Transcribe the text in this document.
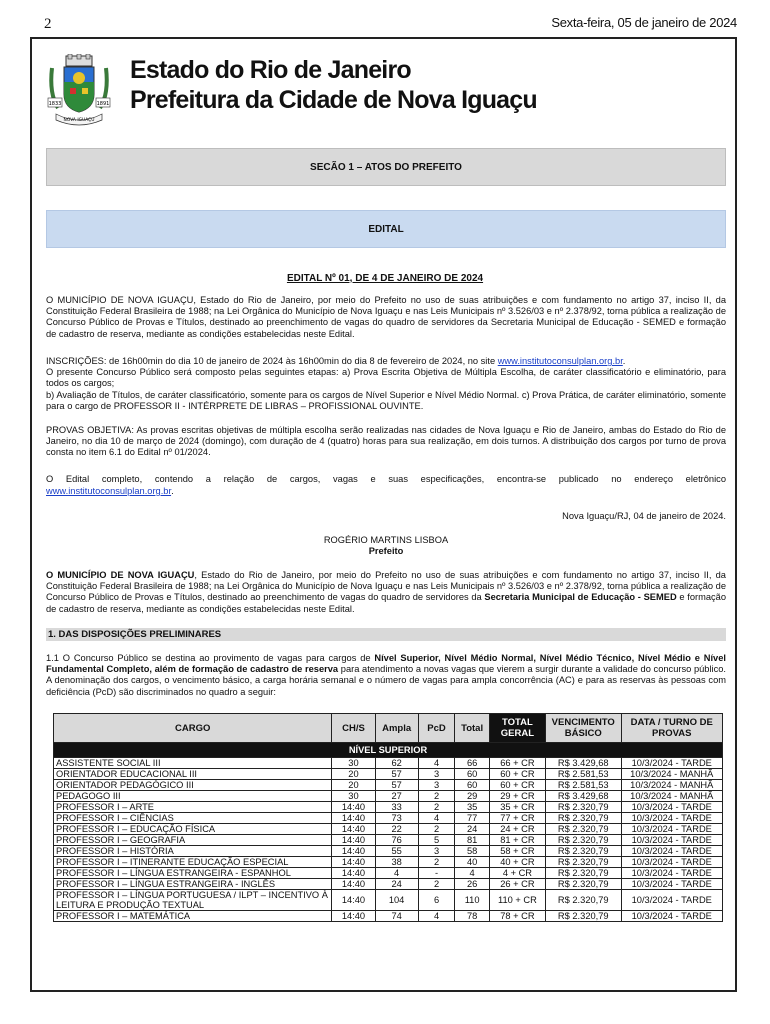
2	Sexta-feira, 05 de janeiro de 2024
1833	1891
NOVA IGUAÇU
Estado do Rio de Janeiro
Prefeitura da Cidade de Nova Iguaçu
SECÃO 1 – ATOS DO PREFEITO
EDITAL
EDITAL Nº 01, DE 4 DE JANEIRO DE 2024
O MUNICÍPIO DE NOVA IGUAÇU, Estado do Rio de Janeiro, por meio do Prefeito no uso de suas atribuições e com fundamento no artigo 37, inciso II, da Constituição Federal Brasileira de 1988; na Lei Orgânica do Município de Nova Iguaçu e nas Leis Municipais nº 3.526/03 e nº 2.378/92, torna pública a realização de Concurso Público de Provas e Títulos, destinado ao preenchimento de vagas do quadro de servidores da Secretaria Municipal de Educação - SEMED e formação de cadastro de reserva, mediante as condições estabelecidas neste Edital.
INSCRIÇÕES: de 16h00min do dia 10 de janeiro de 2024 às 16h00min do dia 8 de fevereiro de 2024, no site www.institutoconsulplan.org.br.
O presente Concurso Público será composto pelas seguintes etapas: a) Prova Escrita Objetiva de Múltipla Escolha, de caráter classificatório e eliminatório, para todos os cargos;
b) Avaliação de Títulos, de caráter classificatório, somente para os cargos de Nível Superior e Nível Médio Normal. c) Prova Prática, de caráter eliminatório, somente para o cargo de PROFESSOR II - INTÉRPRETE DE LIBRAS – PROFISSIONAL OUVINTE.
PROVAS OBJETIVA: As provas escritas objetivas de múltipla escolha serão realizadas nas cidades de Nova Iguaçu e Rio de Janeiro, ambas do Estado do Rio de Janeiro, no dia 10 de março de 2024 (domingo), com duração de 4 (quatro) horas para sua realização, em dois turnos. A distribuição dos cargos por turno de prova consta no item 6.1 do Edital nº 01/2024.
O Edital completo, contendo a relação de cargos, vagas e suas especificações, encontra-se publicado no endereço eletrônico
www.institutoconsulplan.org.br.
Nova Iguaçu/RJ, 04 de janeiro de 2024.
ROGÉRIO MARTINS LISBOA
Prefeito
O MUNICÍPIO DE NOVA IGUAÇU, Estado do Rio de Janeiro, por meio do Prefeito no uso de suas atribuições e com fundamento no artigo 37, inciso II, da Constituição Federal Brasileira de 1988; na Lei Orgânica do Município de Nova Iguaçu e nas Leis Municipais nº 3.526/03 e nº 2.378/92, torna pública a realização de Concurso Público de Provas e Títulos, destinado ao preenchimento de vagas do quadro de servidores da Secretaria Municipal de Educação - SEMED e formação de cadastro de reserva, mediante as condições estabelecidas neste Edital.
1. DAS DISPOSIÇÕES PRELIMINARES
1.1 O Concurso Público se destina ao provimento de vagas para cargos de Nível Superior, Nível Médio Normal, Nível Médio Técnico, Nível Médio e Nível Fundamental Completo, além de formação de cadastro de reserva para atendimento a novas vagas que vierem a surgir durante a validade do concurso público. A denominação dos cargos, o vencimento básico, a carga horária semanal e o número de vagas para ampla concorrência (AC) e para as reservas às pessoas com deficiência (PcD) são discriminados no quadro a seguir:
CARGO	CH/S	Ampla	PcD	Total	TOTAL GERAL	VENCIMENTO BÁSICO	DATA / TURNO DE PROVAS
NÍVEL SUPERIOR							
ASSISTENTE SOCIAL III	30	62	4	66	66 + CR	R$ 3.429,68	10/3/2024 - TARDE
ORIENTADOR EDUCACIONAL III	20	57	3	60	60 + CR	R$ 2.581,53	10/3/2024 - MANHÃ
ORIENTADOR PEDAGÓGICO III	20	57	3	60	60 + CR	R$ 2.581,53	10/3/2024 - MANHÃ
PEDAGOGO III	30	27	2	29	29 + CR	R$ 3.429,68	10/3/2024 - MANHÃ
PROFESSOR I – ARTE	14:40	33	2	35	35 + CR	R$ 2.320,79	10/3/2024 - TARDE
PROFESSOR I – CIÊNCIAS	14:40	73	4	77	77 + CR	R$ 2.320,79	10/3/2024 - TARDE
PROFESSOR I – EDUCAÇÃO FÍSICA	14:40	22	2	24	24 + CR	R$ 2.320,79	10/3/2024 - TARDE
PROFESSOR I – GEOGRAFIA	14:40	76	5	81	81 + CR	R$ 2.320,79	10/3/2024 - TARDE
PROFESSOR I – HISTÓRIA	14:40	55	3	58	58 + CR	R$ 2.320,79	10/3/2024 - TARDE
PROFESSOR I – ITINERANTE EDUCAÇÃO ESPECIAL	14:40	38	2	40	40 + CR	R$ 2.320,79	10/3/2024 - TARDE
PROFESSOR I – LÍNGUA ESTRANGEIRA - ESPANHOL	14:40	4	-	4	4 + CR	R$ 2.320,79	10/3/2024 - TARDE
PROFESSOR I – LÍNGUA ESTRANGEIRA - INGLÊS	14:40	24	2	26	26 + CR	R$ 2.320,79	10/3/2024 - TARDE
PROFESSOR I – LÍNGUA PORTUGUESA / ILPT – INCENTIVO À LEITURA E PRODUÇÃO TEXTUAL	14:40	104	6	110	110 + CR	R$ 2.320,79	10/3/2024 - TARDE
PROFESSOR I – MATEMÁTICA	14:40	74	4	78	78 + CR	R$ 2.320,79	10/3/2024 - TARDE
